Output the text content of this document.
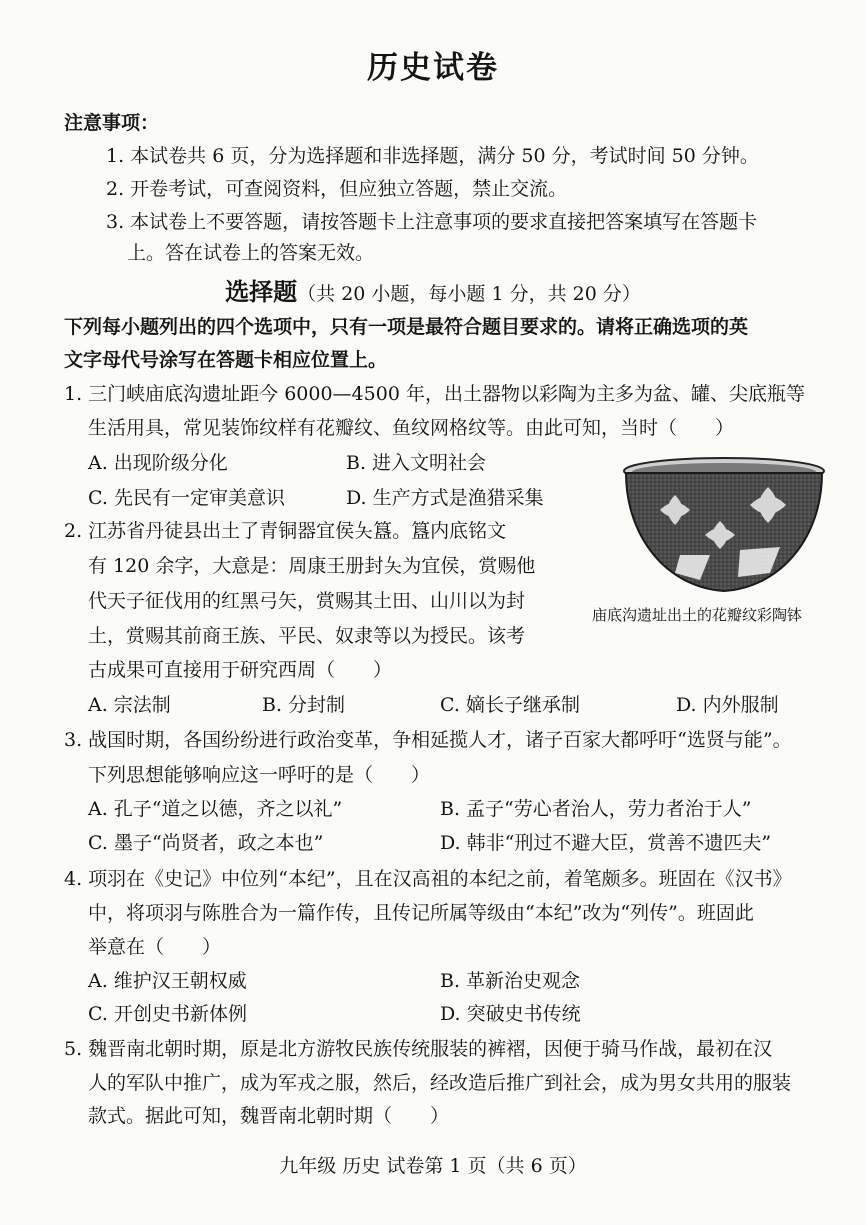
历史试卷
注意事项：
1. 本试卷共 6 页，分为选择题和非选择题，满分 50 分，考试时间 50 分钟。
2. 开卷考试，可查阅资料，但应独立答题，禁止交流。
3. 本试卷上不要答题，请按答题卡上注意事项的要求直接把答案填写在答题卡
上。答在试卷上的答案无效。
选择题（共 20 小题，每小题 1 分，共 20 分）
下列每小题列出的四个选项中，只有一项是最符合题目要求的。请将正确选项的英
文字母代号涂写在答题卡相应位置上。
1. 三门峡庙底沟遗址距今 6000—4500 年，出土器物以彩陶为主多为盆、罐、尖底瓶等
生活用具，常见装饰纹样有花瓣纹、鱼纹网格纹等。由此可知，当时（　　）
A. 出现阶级分化	B. 进入文明社会
C. 先民有一定审美意识	D. 生产方式是渔猎采集
庙底沟遗址出土的花瓣纹彩陶钵
2. 江苏省丹徒县出土了青铜器宜侯夨簋。簋内底铭文
有 120 余字，大意是：周康王册封夨为宜侯，赏赐他
代天子征伐用的红黑弓矢，赏赐其土田、山川以为封
土，赏赐其前商王族、平民、奴隶等以为授民。该考
古成果可直接用于研究西周（　　）
A. 宗法制	B. 分封制	C. 嫡长子继承制	D. 内外服制
3. 战国时期，各国纷纷进行政治变革，争相延揽人才，诸子百家大都呼吁“选贤与能”。
下列思想能够响应这一呼吁的是（　　）
A. 孔子“道之以德，齐之以礼”	B. 孟子“劳心者治人，劳力者治于人”
C. 墨子“尚贤者，政之本也”	D. 韩非“刑过不避大臣，赏善不遗匹夫”
4. 项羽在《史记》中位列“本纪”，且在汉高祖的本纪之前，着笔颇多。班固在《汉书》
中，将项羽与陈胜合为一篇作传，且传记所属等级由“本纪”改为“列传”。班固此
举意在（　　）
A. 维护汉王朝权威	B. 革新治史观念
C. 开创史书新体例	D. 突破史书传统
5. 魏晋南北朝时期，原是北方游牧民族传统服装的裤褶，因便于骑马作战，最初在汉
人的军队中推广，成为军戎之服，然后，经改造后推广到社会，成为男女共用的服装
款式。据此可知，魏晋南北朝时期（　　）
九年级 历史 试卷第 1 页（共 6 页）
